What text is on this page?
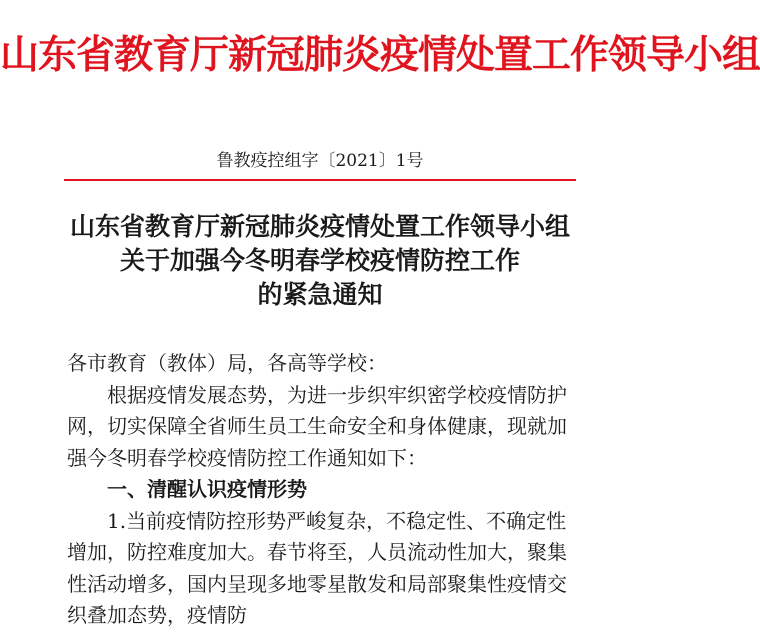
山东省教育厅新冠肺炎疫情处置工作领导小组
鲁教疫控组字〔2021〕1号
山东省教育厅新冠肺炎疫情处置工作领导小组
关于加强今冬明春学校疫情防控工作
的紧急通知

各市教育（教体）局，各高等学校：

根据疫情发展态势，为进一步织牢织密学校疫情防护网，切实保障全省师生员工生命安全和身体健康，现就加强今冬明春学校疫情防控工作通知如下：

一、清醒认识疫情形势

1.当前疫情防控形势严峻复杂，不稳定性、不确定性增加，防控难度加大。春节将至，人员流动性加大，聚集性活动增多，国内呈现多地零星散发和局部聚集性疫情交织叠加态势，疫情防
